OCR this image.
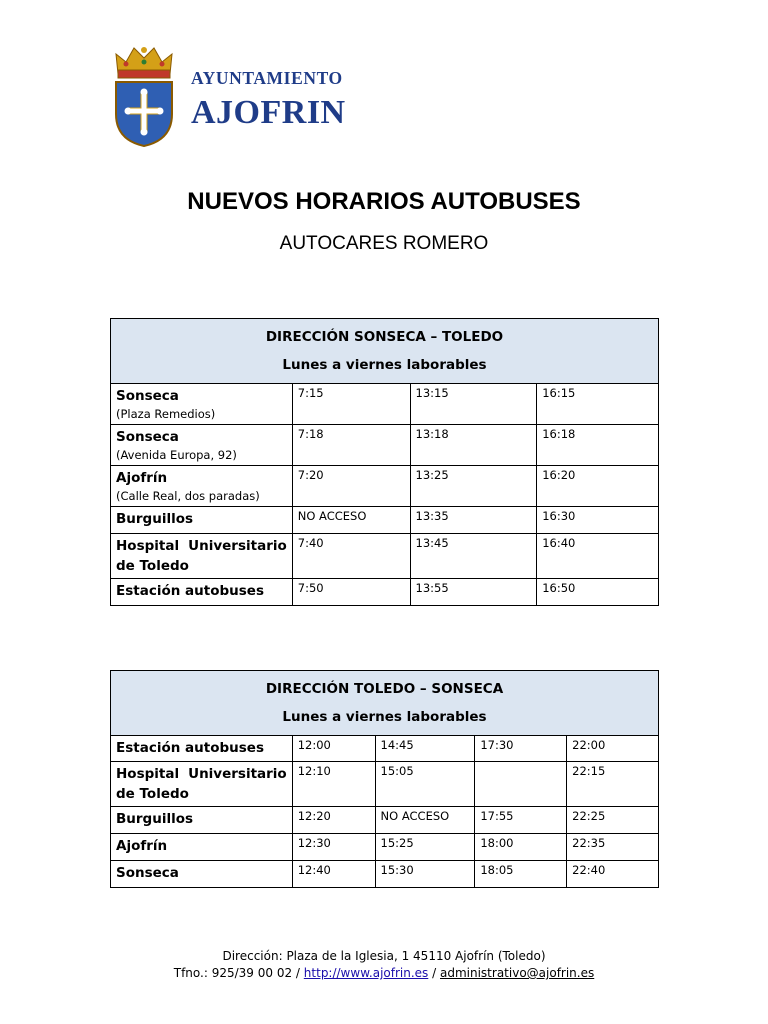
AYUNTAMIENTO
AJOFRIN
NUEVOS HORARIOS AUTOBUSES
AUTOCARES ROMERO
DIRECCIÓN SONSECA – TOLEDO
Lunes a viernes laborables			

Sonseca
(Plaza Remedios)	7:15	13:15	16:15

Sonseca
(Avenida Europa, 92)	7:18	13:18	16:18

Ajofrín
(Calle Real, dos paradas)	7:20	13:25	16:20
Burguillos	NO ACCESO	13:35	16:30

Hospital Universitario
de Toledo	7:40	13:45	16:40
Estación autobuses	7:50	13:55	16:50
DIRECCIÓN TOLEDO – SONSECA
Lunes a viernes laborables				

Estación autobuses	12:00	14:45	17:30	22:00

Hospital Universitario
de Toledo	12:10	15:05		22:15
Burguillos	12:20	NO ACCESO	17:55	22:25
Ajofrín	12:30	15:25	18:00	22:35
Sonseca	12:40	15:30	18:05	22:40
Dirección: Plaza de la Iglesia, 1 45110 Ajofrín (Toledo)
Tfno.: 925/39 00 02 / http://www.ajofrin.es / administrativo@ajofrin.es
